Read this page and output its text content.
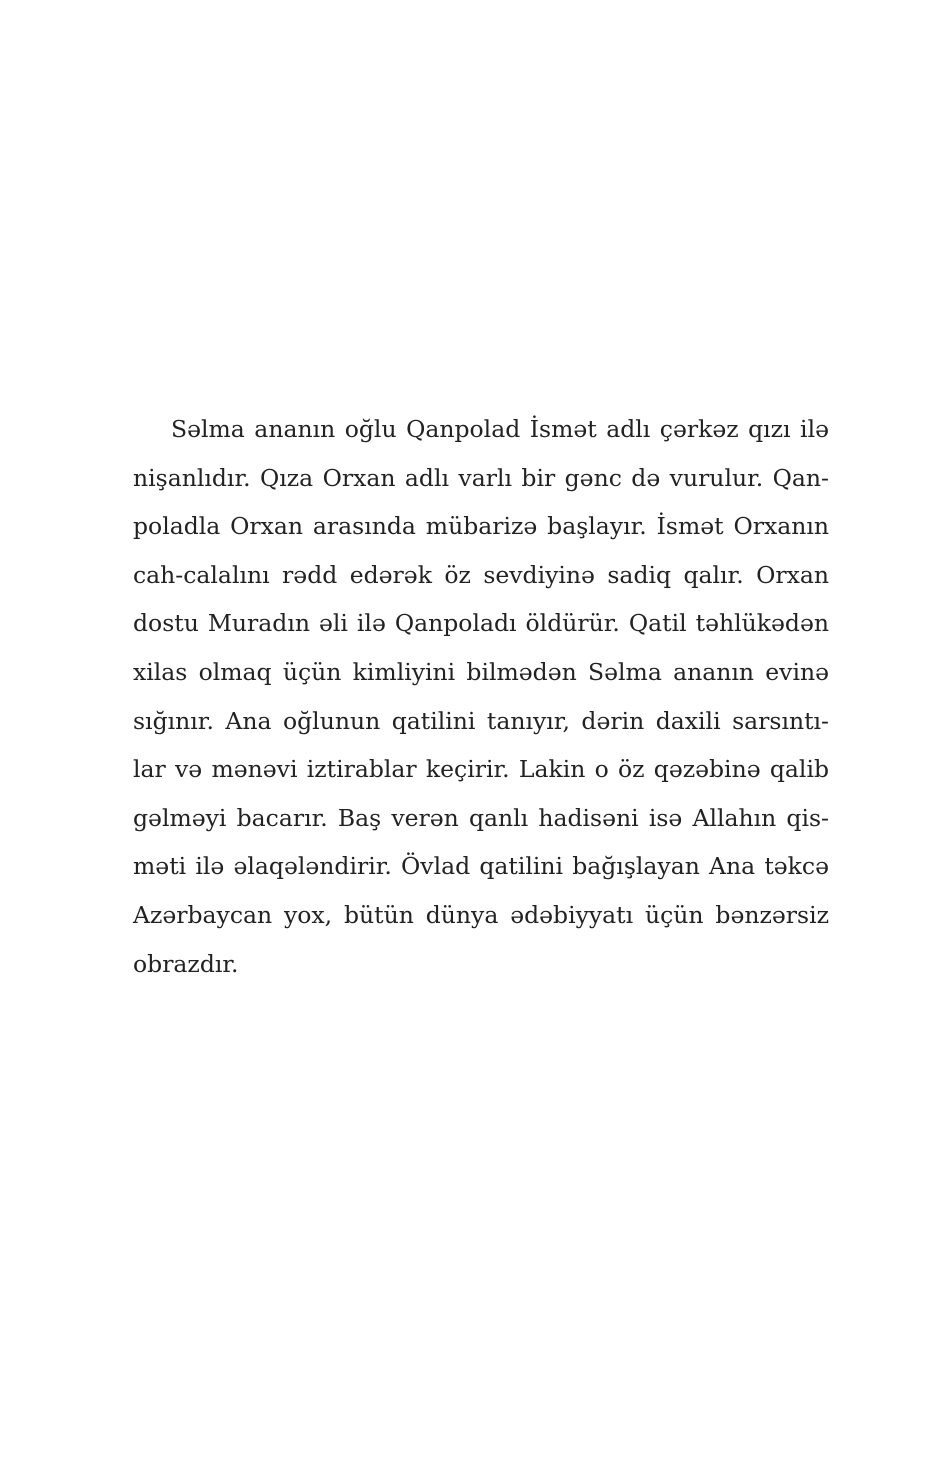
Səlma ananın oğlu Qanpolad İsmət adlı çərkəz qızı ilə
nişanlıdır. Qıza Orxan adlı varlı bir gənc də vurulur. Qan-
poladla Orxan arasında mübarizə başlayır. İsmət Orxanın
cah-calalını rədd edərək öz sevdiyinə sadiq qalır. Orxan
dostu Muradın əli ilə Qanpoladı öldürür. Qatil təhlükədən
xilas olmaq üçün kimliyini bilmədən Səlma ananın evinə
sığınır. Ana oğlunun qatilini tanıyır, dərin daxili sarsıntı-
lar və mənəvi iztirablar keçirir. Lakin o öz qəzəbinə qalib
gəlməyi bacarır. Baş verən qanlı hadisəni isə Allahın qis-
məti ilə əlaqələndirir. Övlad qatilini bağışlayan Ana təkcə
Azərbaycan yox, bütün dünya ədəbiyyatı üçün bənzərsiz
obrazdır.
